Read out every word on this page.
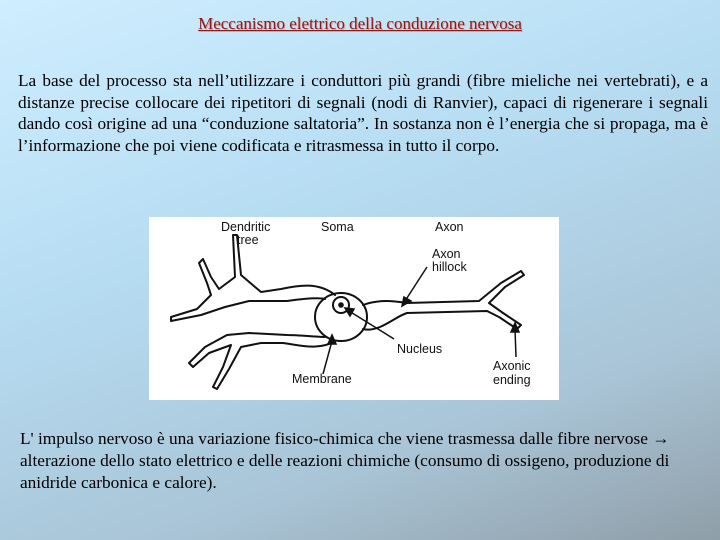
Meccanismo elettrico della conduzione nervosa
La base del processo sta nell’utilizzare i conduttori più grandi (fibre mieliche nei vertebrati), e a distanze precise collocare dei ripetitori di segnali (nodi di Ranvier), capaci di rigenerare i segnali dando così origine ad una “conduzione saltatoria”. In sostanza non è l’energia che si propaga, ma è l’informazione che poi viene codificata e ritrasmessa in tutto il corpo.
Dendritic
tree
Soma	Axon
Axon
hillock
Nucleus
Membrane
Axonic
ending
L' impulso nervoso è una variazione fisico-chimica che viene trasmessa dalle fibre nervose → alterazione dello stato elettrico e delle reazioni chimiche (consumo di ossigeno, produzione di anidride carbonica e calore).
